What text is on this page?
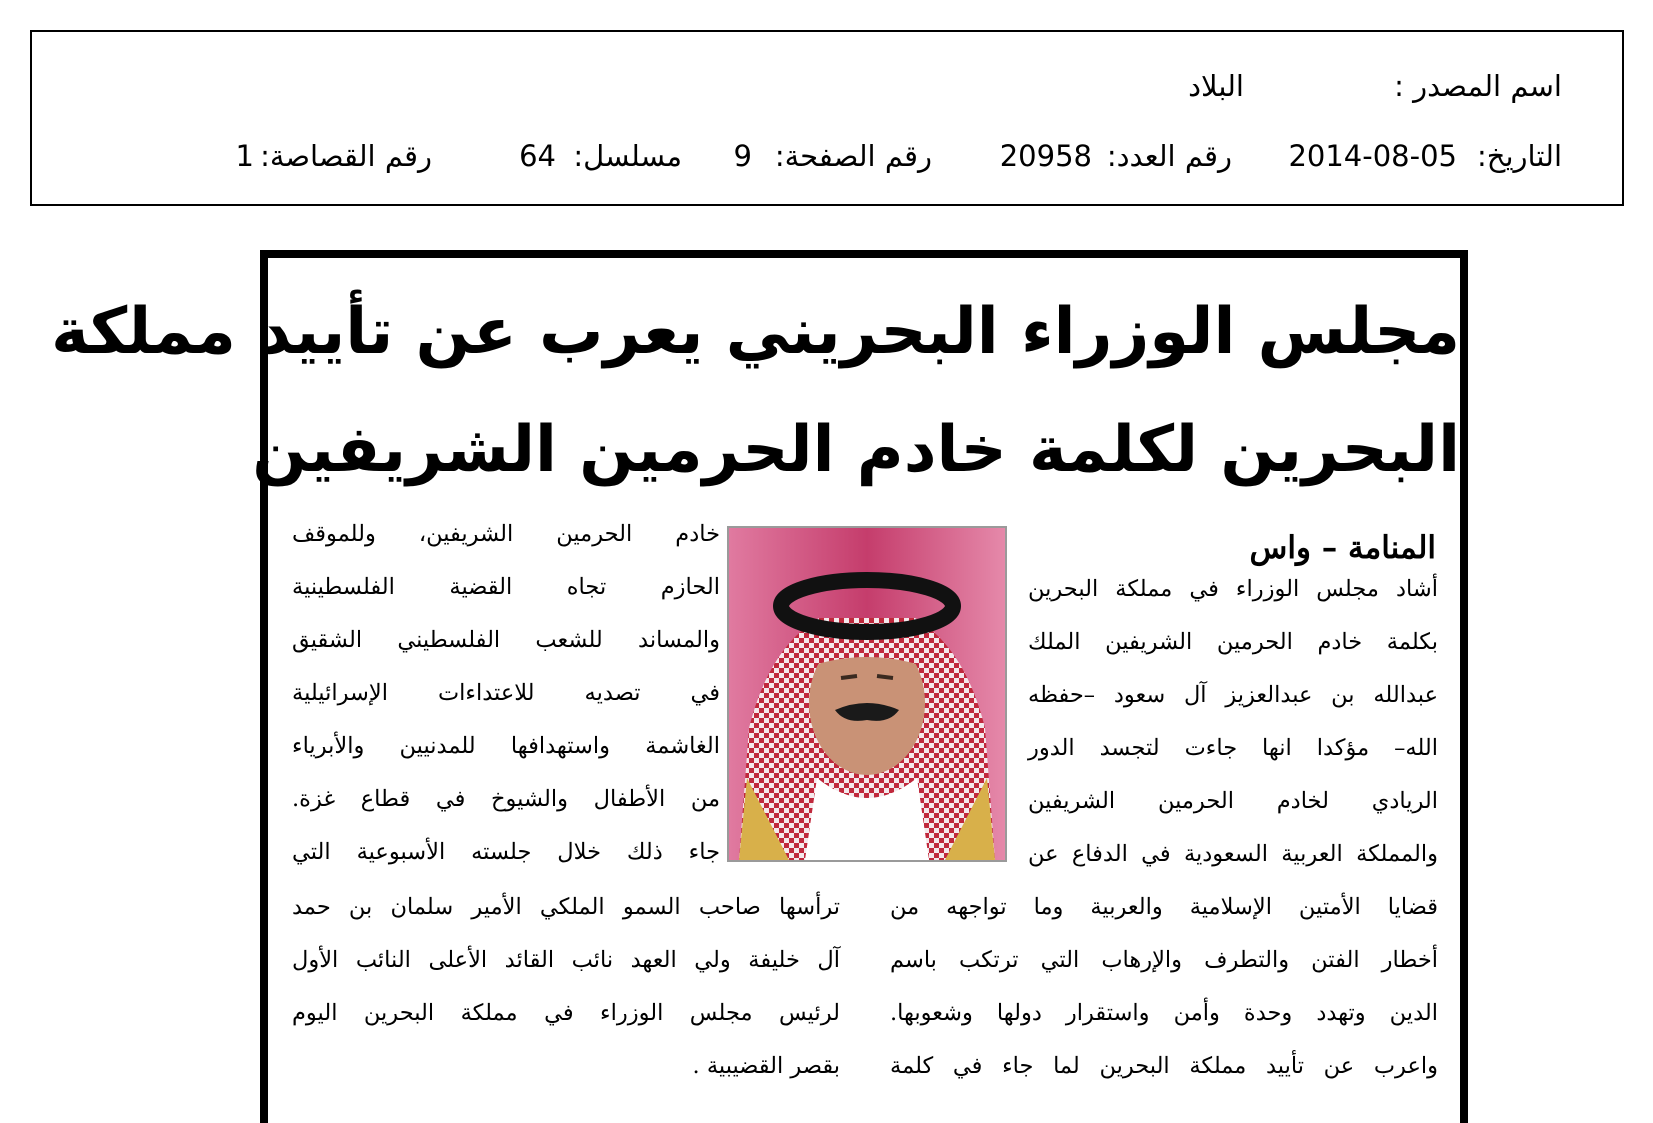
اسم المصدر :
البلاد
التاريخ:
2014-08-05
رقم العدد:
20958
رقم الصفحة:
9
مسلسل:
64
رقم القصاصة:
1
مجلس الوزراء البحريني يعرب عن تأييد مملكة
البحرين لكلمة خادم الحرمين الشريفين
المنامة – واس
أشاد مجلس الوزراء في مملكة البحرين
بكلمة خادم الحرمين الشريفين الملك
عبدالله بن عبدالعزيز آل سعود –حفظه
الله– مؤكدا انها جاءت لتجسد الدور
الريادي لخادم الحرمين الشريفين
والمملكة العربية السعودية في الدفاع عن
قضايا الأمتين الإسلامية والعربية وما تواجهه من
أخطار الفتن والتطرف والإرهاب التي ترتكب باسم
الدين وتهدد وحدة وأمن واستقرار دولها وشعوبها.
واعرب عن تأييد مملكة البحرين لما جاء في كلمة
خادم الحرمين الشريفين، وللموقف
الحازم تجاه القضية الفلسطينية
والمساند للشعب الفلسطيني الشقيق
في تصديه للاعتداءات الإسرائيلية
الغاشمة واستهدافها للمدنيين والأبرياء
من الأطفال والشيوخ في قطاع غزة.
جاء ذلك خلال جلسته الأسبوعية التي
ترأسها صاحب السمو الملكي الأمير سلمان بن حمد
آل خليفة ولي العهد نائب القائد الأعلى النائب الأول
لرئيس مجلس الوزراء في مملكة البحرين اليوم
بقصر القضيبية .
